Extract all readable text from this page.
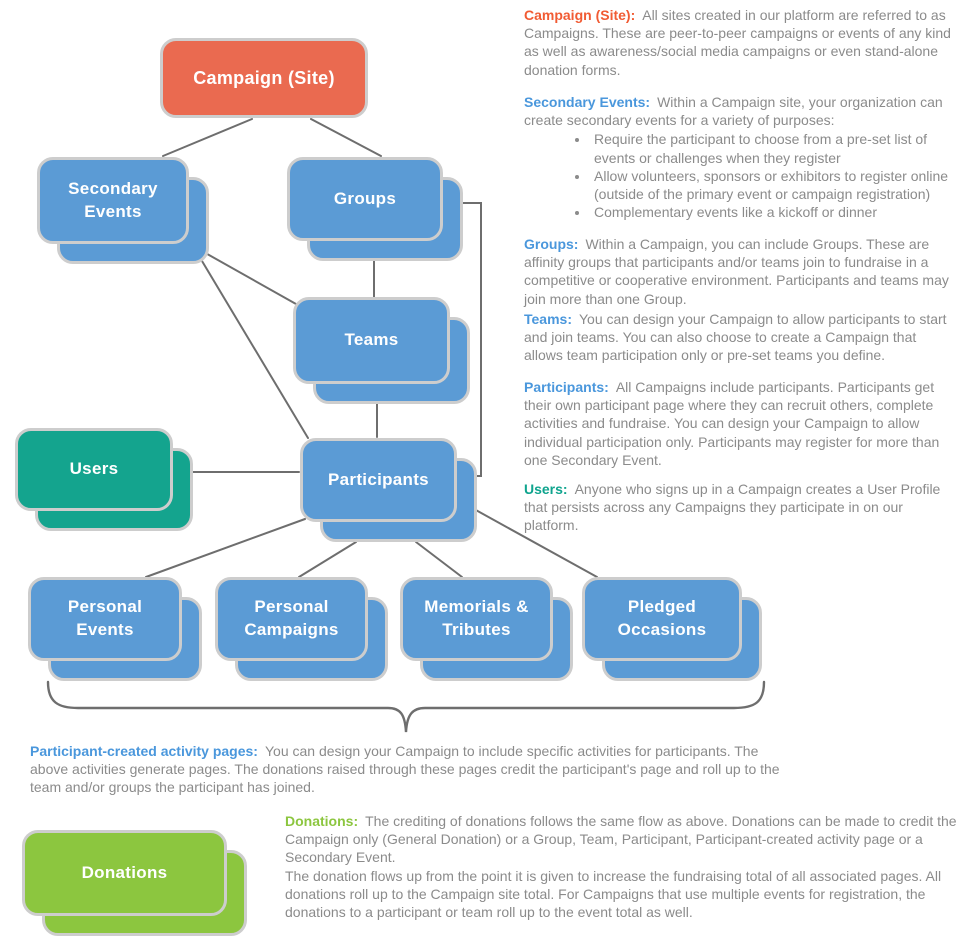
Campaign (Site)
Secondary Events
Groups
Teams
Users
Participants
Personal Events
Personal Campaigns
Memorials & Tributes
Pledged Occasions
Donations

Campaign (Site): All sites created in our platform are referred to as Campaigns. These are peer-to-peer campaigns or events of any kind as well as awareness/social media campaigns or even stand-alone donation forms.

Secondary Events: Within a Campaign site, your organization can create secondary events for a variety of purposes:

• Require the participant to choose from a pre-set list of events or challenges when they register
• Allow volunteers, sponsors or exhibitors to register online (outside of the primary event or campaign registration)
• Complementary events like a kickoff or dinner

Groups: Within a Campaign, you can include Groups. These are affinity groups that participants and/or teams join to fundraise in a competitive or cooperative environment. Participants and teams may join more than one Group.

Teams: You can design your Campaign to allow participants to start and join teams. You can also choose to create a Campaign that allows team participation only or pre-set teams you define.

Participants: All Campaigns include participants. Participants get their own participant page where they can recruit others, complete activities and fundraise. You can design your Campaign to allow individual participation only. Participants may register for more than one Secondary Event.

Users: Anyone who signs up in a Campaign creates a User Profile that persists across any Campaigns they participate in on our platform.

Participant-created activity pages: You can design your Campaign to include specific activities for participants. The above activities generate pages. The donations raised through these pages credit the participant's page and roll up to the team and/or groups the participant has joined.

Donations: The crediting of donations follows the same flow as above. Donations can be made to credit the Campaign only (General Donation) or a Group, Team, Participant, Participant-created activity page or a Secondary Event.

The donation flows up from the point it is given to increase the fundraising total of all associated pages. All donations roll up to the Campaign site total. For Campaigns that use multiple events for registration, the donations to a participant or team roll up to the event total as well.
